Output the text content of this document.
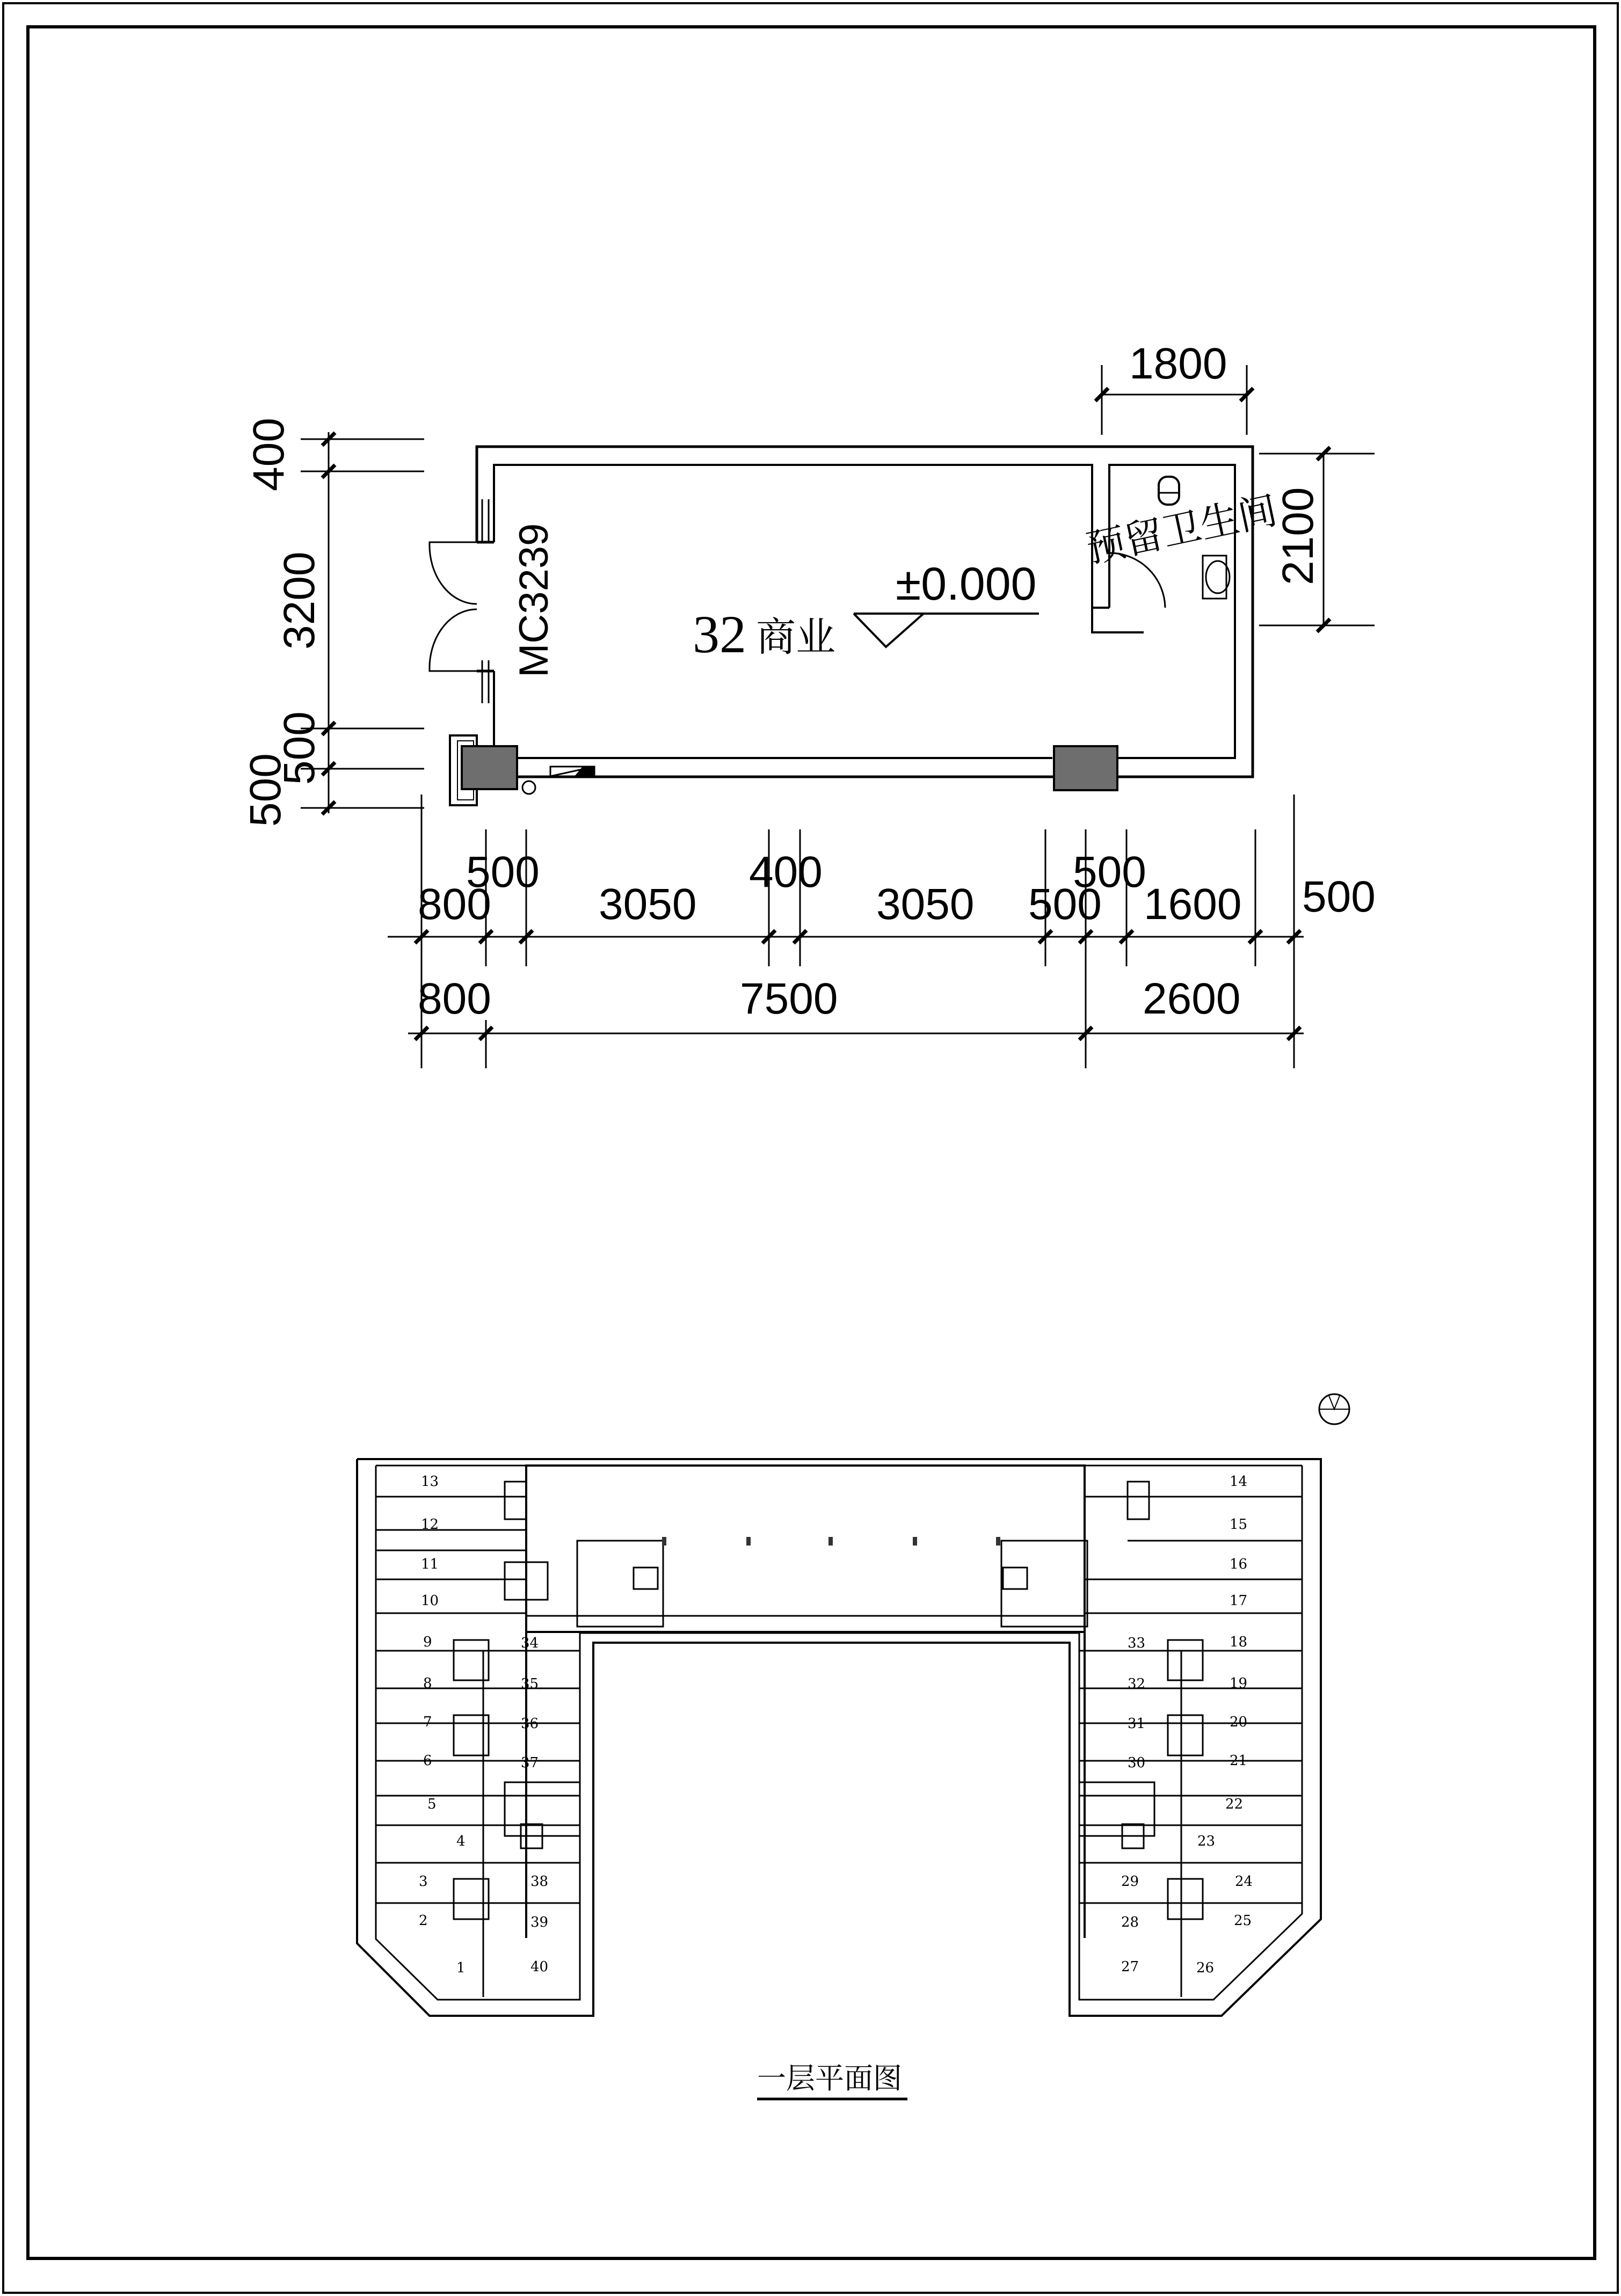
32 商业
±0.000
预留卫生间
MC3239
1800
2100
400
3200
500
500
800
500
3050
400
3050 500
500
1600 500
800	7500	2600
13
12
11
10
9
8
7
6
5
4
3
2
1
34
35
36
37
38
39
40
14
15
16
17
18
19
20
21
22
23
24
25
26
33
32
31
30
29
28
27
一层平面图
